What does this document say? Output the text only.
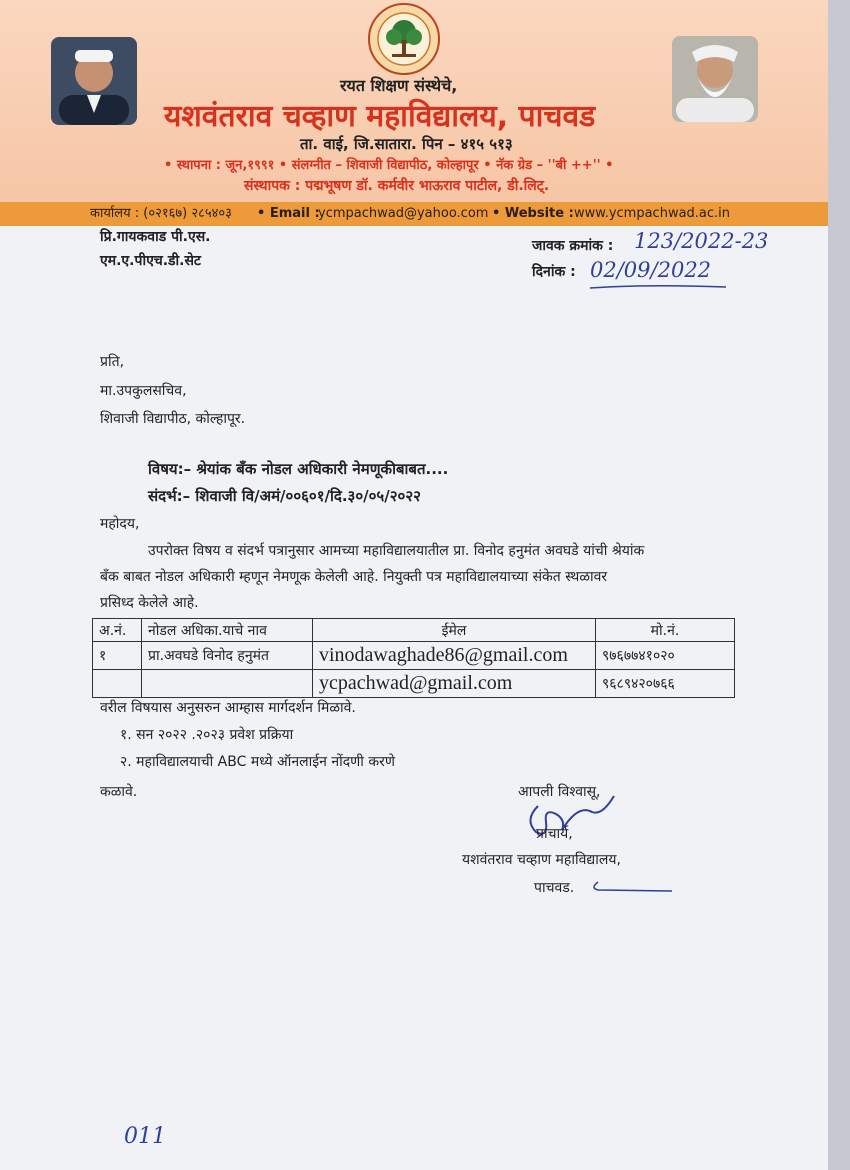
रयत शिक्षण संस्थेचे,
यशवंतराव चव्हाण महाविद्यालय, पाचवड
ता. वाई, जि.सातारा. पिन – ४१५ ५१३
• स्थापना : जून,१९९१ • संलग्नीत – शिवाजी विद्यापीठ, कोल्हापूर • नॅक ग्रेड – ''बी ++'' •
संस्थापक : पद्मभूषण डॉ. कर्मवीर भाऊराव पाटील, डी.लिट्.
कार्यालय : (०२१६७) २८५४०३ • Email :
ycmpachwad@yahoo.com • Website : www.ycmpachwad.ac.in
प्रि.गायकवाड पी.एस.
एम.ए.पीएच.डी.सेट
जावक क्रमांक : 123/2022-23
दिनांक : 02/09/2022
प्रति,
मा.उपकुलसचिव,
शिवाजी विद्यापीठ, कोल्हापूर.
विषय:– श्रेयांक बँक नोडल अधिकारी नेमणूकीबाबत....
संदर्भ:– शिवाजी वि/अमं/००६०१/दि.३०/०५/२०२२
महोदय,
उपरोक्त विषय व संदर्भ पत्रानुसार आमच्या महाविद्यालयातील प्रा. विनोद हनुमंत अवघडे यांची श्रेयांक
बँक बाबत नोडल अधिकारी म्हणून नेमणूक केलेली आहे. नियुक्ती पत्र महाविद्यालयाच्या संकेत स्थळावर
प्रसिध्द केलेले आहे.
अ.नं.	नोडल अधिका.याचे नाव	ईमेल	मो.नं.
१	प्रा.अवघडे विनोद हनुमंत	vinodawaghade86@gmail.com	९७६७७४१०२०
		ycpachwad@gmail.com	९६८९४२०७६६
वरील विषयास अनुसरुन आम्हास मार्गदर्शन मिळावे.
१. सन २०२२ .२०२३ प्रवेश प्रक्रिया
२. महाविद्यालयाची ABC मध्ये ऑनलाईन नोंदणी करणे
कळावे.	आपली विश्वासू,
प्राचार्य,
यशवंतराव चव्हाण महाविद्यालय,
पाचवड.
011
